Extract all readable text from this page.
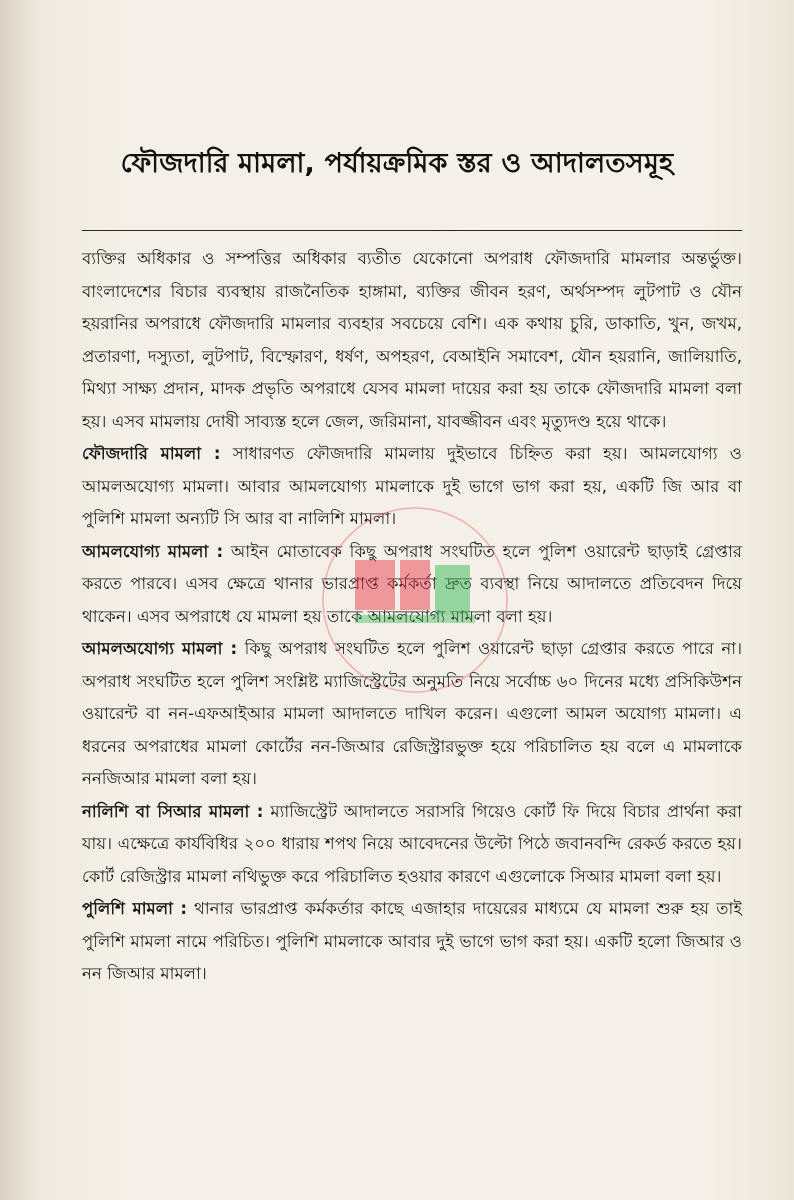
ফৌজদারি মামলা, পর্যায়ক্রমিক স্তর ও আদালতসমূহ

ব্যক্তির অধিকার ও সম্পত্তির অধিকার ব্যতীত যেকোনো অপরাধ ফৌজদারি মামলার অন্তর্ভুক্ত। বাংলাদেশের বিচার ব্যবস্থায় রাজনৈতিক হাঙ্গামা, ব্যক্তির জীবন হরণ, অর্থসম্পদ লুটপাট ও যৌন হয়রানির অপরাধে ফৌজদারি মামলার ব্যবহার সবচেয়ে বেশি। এক কথায় চুরি, ডাকাতি, খুন, জখম, প্রতারণা, দস্যুতা, লুটপাট, বিস্ফোরণ, ধর্ষণ, অপহরণ, বেআইনি সমাবেশ, যৌন হয়রানি, জালিয়াতি, মিথ্যা সাক্ষ্য প্রদান, মাদক প্রভৃতি অপরাধে যেসব মামলা দায়ের করা হয় তাকে ফৌজদারি মামলা বলা হয়। এসব মামলায় দোষী সাব্যস্ত হলে জেল, জরিমানা, যাবজ্জীবন এবং মৃত্যুদণ্ড হয়ে থাকে।

ফৌজদারি মামলা : সাধারণত ফৌজদারি মামলায় দুইভাবে চিহ্নিত করা হয়। আমলযোগ্য ও আমলঅযোগ্য মামলা। আবার আমলযোগ্য মামলাকে দুই ভাগে ভাগ করা হয়, একটি জি আর বা পুলিশি মামলা অন্যটি সি আর বা নালিশি মামলা।

আমলযোগ্য মামলা : আইন মোতাবেক কিছু অপরাধ সংঘটিত হলে পুলিশ ওয়ারেন্ট ছাড়াই গ্রেপ্তার করতে পারবে। এসব ক্ষেত্রে থানার ভারপ্রাপ্ত কর্মকর্তা দ্রুত ব্যবস্থা নিয়ে আদালতে প্রতিবেদন দিয়ে থাকেন। এসব অপরাধে যে মামলা হয় তাকে আমলযোগ্য মামলা বলা হয়।

আমলঅযোগ্য মামলা : কিছু অপরাধ সংঘটিত হলে পুলিশ ওয়ারেন্ট ছাড়া গ্রেপ্তার করতে পারে না। অপরাধ সংঘটিত হলে পুলিশ সংশ্লিষ্ট ম্যাজিস্ট্রেটের অনুমতি নিয়ে সর্বোচ্চ ৬০ দিনের মধ্যে প্রসিকিউশন ওয়ারেন্ট বা নন-এফআইআর মামলা আদালতে দাখিল করেন। এগুলো আমল অযোগ্য মামলা। এ ধরনের অপরাধের মামলা কোর্টের নন-জিআর রেজিস্ট্রারভুক্ত হয়ে পরিচালিত হয় বলে এ মামলাকে ননজিআর মামলা বলা হয়।

নালিশি বা সিআর মামলা : ম্যাজিস্ট্রেট আদালতে সরাসরি গিয়েও কোর্ট ফি দিয়ে বিচার প্রার্থনা করা যায়। এক্ষেত্রে কার্যবিধির ২০০ ধারায় শপথ নিয়ে আবেদনের উল্টো পিঠে জবানবন্দি রেকর্ড করতে হয়। কোর্ট রেজিস্ট্রার মামলা নথিভুক্ত করে পরিচালিত হওয়ার কারণে এগুলোকে সিআর মামলা বলা হয়।

পুলিশি মামলা : থানার ভারপ্রাপ্ত কর্মকর্তার কাছে এজাহার দায়েরের মাধ্যমে যে মামলা শুরু হয় তাই পুলিশি মামলা নামে পরিচিত। পুলিশি মামলাকে আবার দুই ভাগে ভাগ করা হয়। একটি হলো জিআর ও নন জিআর মামলা।
